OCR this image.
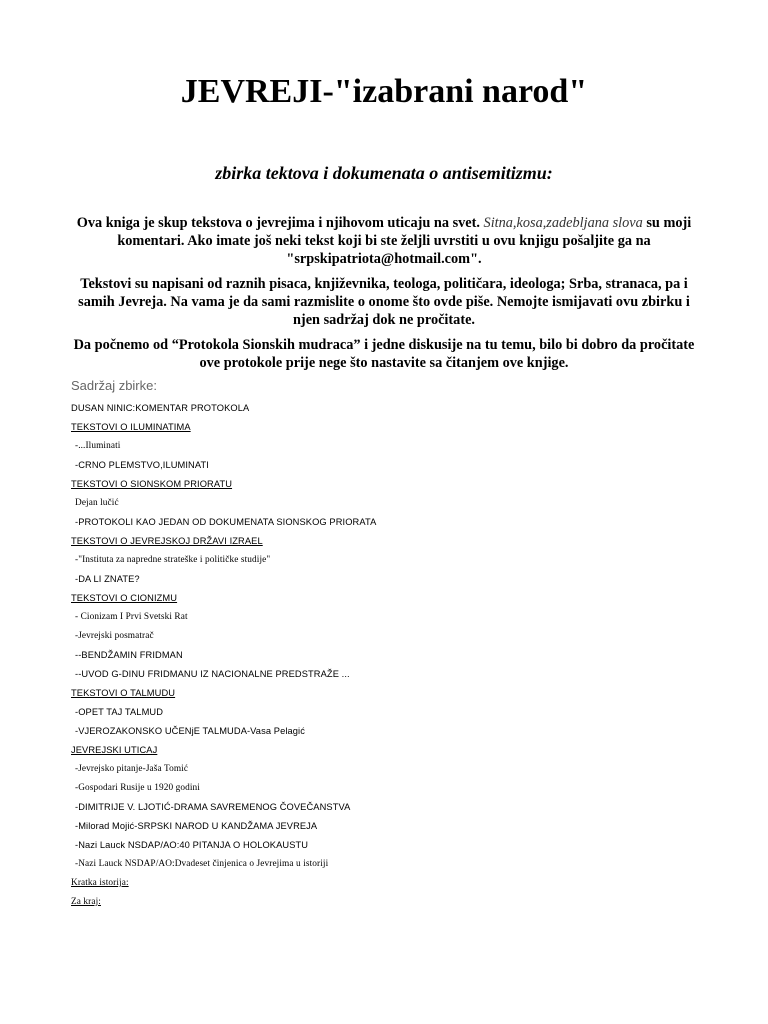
JEVREJI-"izabrani narod"
zbirka tektova i dokumenata o antisemitizmu:

Ova kniga je skup tekstova o jevrejima i njihovom uticaju na svet. Sitna,kosa,zadebljana slova su moji komentari. Ako imate još neki tekst koji bi ste željli uvrstiti u ovu knjigu pošaljite ga na "srpskipatriota@hotmail.com".

Tekstovi su napisani od raznih pisaca, književnika, teologa, političara, ideologa; Srba, stranaca, pa i samih Jevreja. Na vama je da sami razmislite o onome što ovde piše. Nemojte ismijavati ovu zbirku i njen sadržaj dok ne pročitate.

Da počnemo od “Protokola Sionskih mudraca” i jedne diskusije na tu temu, bilo bi dobro da pročitate ove protokole prije nege što nastavite sa čitanjem ove knjige.

Sadržaj zbirke:
DUSAN NINIC:KOMENTAR PROTOKOLA
TEKSTOVI O ILUMINATIMA
-...Iluminati
-CRNO PLEMSTVO,ILUMINATI
TEKSTOVI O SIONSKOM PRIORATU
Dejan lučić
-PROTOKOLI KAO JEDAN OD DOKUMENATA SIONSKOG PRIORATA
TEKSTOVI O JEVREJSKOJ DRŽAVI IZRAEL
-"Instituta za napredne strateške i političke studije"
-DA LI ZNATE?
TEKSTOVI O CIONIZMU
- Cionizam I Prvi Svetski Rat
-Jevrejski posmatrač
--BENDŽAMIN FRIDMAN
--UVOD G-DINU FRIDMANU IZ NACIONALNE PREDSTRAŽE ...
TEKSTOVI O TALMUDU
-OPET TAJ TALMUD
-VJEROZAKONSKO UČENjE TALMUDA-Vasa Pelagić
JEVREJSKI UTICAJ
-Jevrejsko pitanje-Jaša Tomić
-Gospodari Rusije u 1920 godini
-DIMITRIJE V. LJOTIĆ-DRAMA SAVREMENOG ČOVEČANSTVA
-Milorad Mojić-SRPSKI NAROD U KANDŽAMA JEVREJA
-Nazi Lauck NSDAP/AO:40 PITANJA O HOLOKAUSTU
-Nazi Lauck NSDAP/AO:Dvadeset činjenica o Jevrejima u istoriji
Kratka istorija:
Za kraj:
